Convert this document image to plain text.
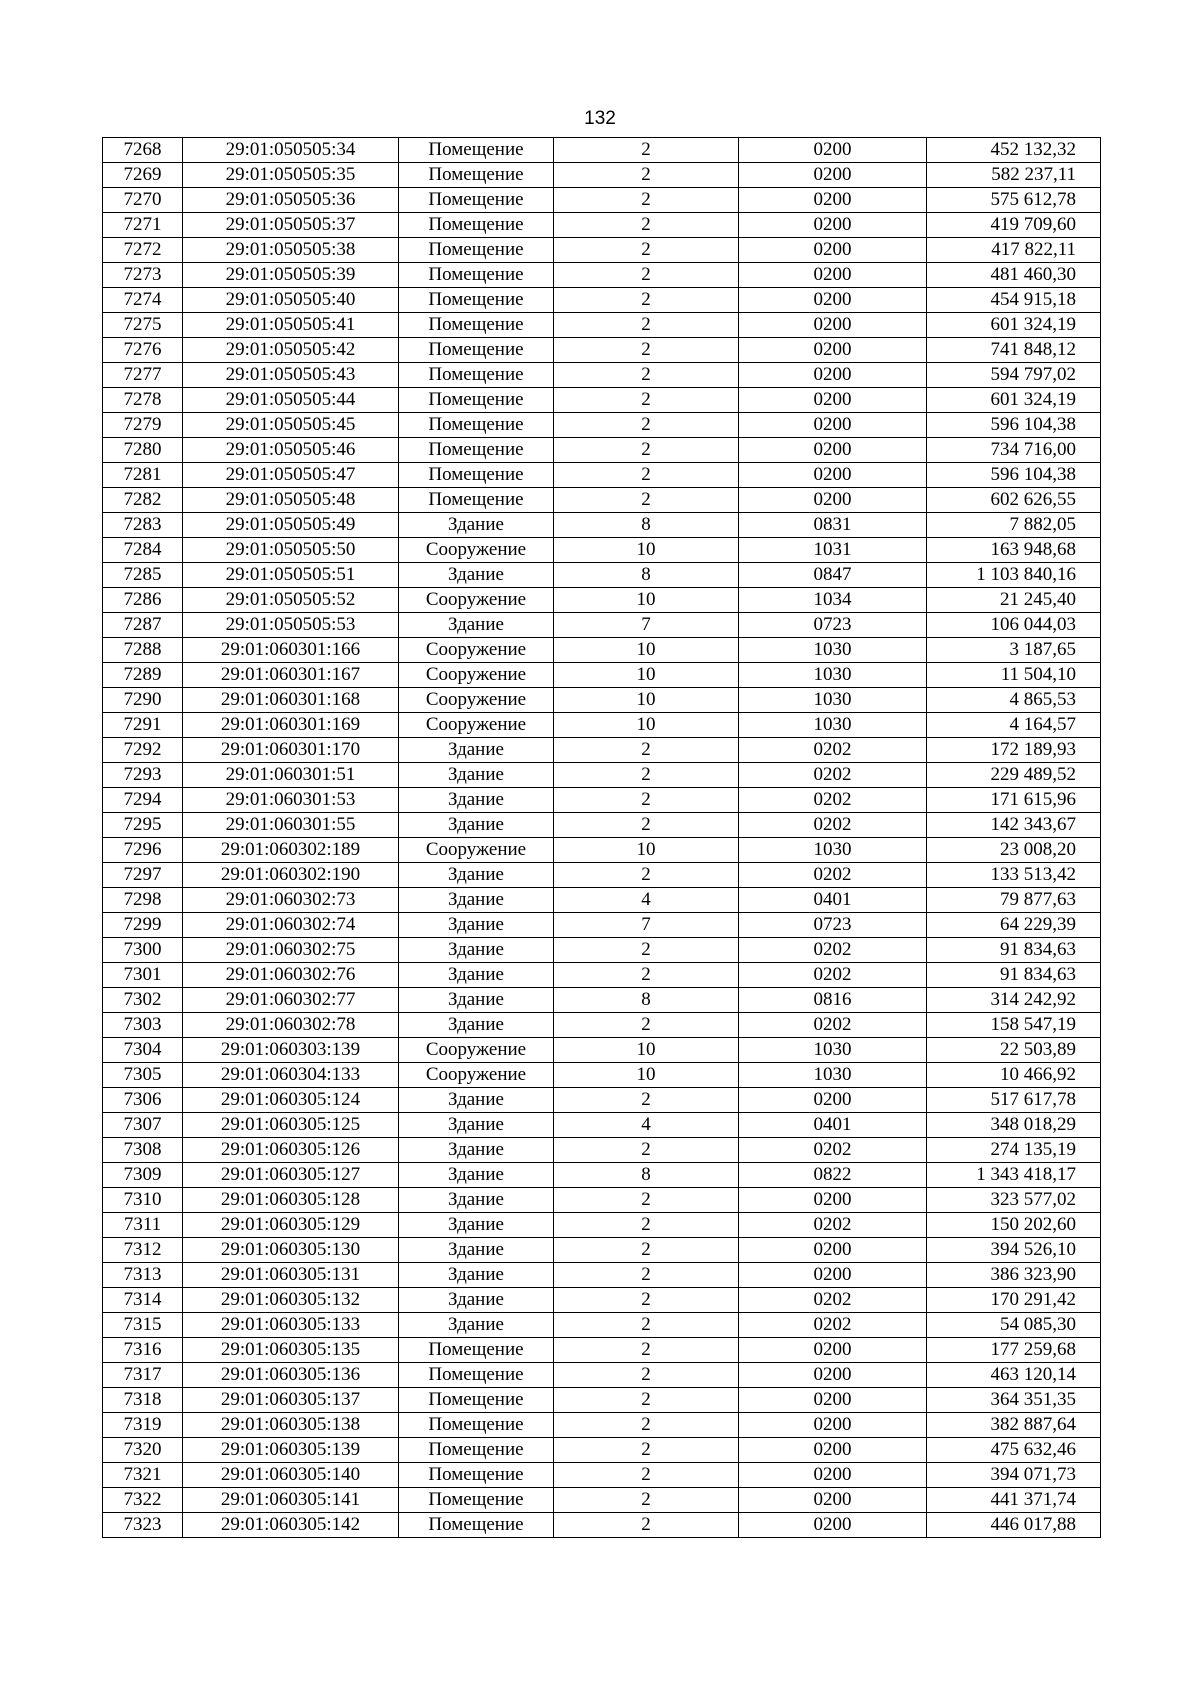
132
7268	29:01:050505:34	Помещение	2	0200	452 132,32
7269	29:01:050505:35	Помещение	2	0200	582 237,11
7270	29:01:050505:36	Помещение	2	0200	575 612,78
7271	29:01:050505:37	Помещение	2	0200	419 709,60
7272	29:01:050505:38	Помещение	2	0200	417 822,11
7273	29:01:050505:39	Помещение	2	0200	481 460,30
7274	29:01:050505:40	Помещение	2	0200	454 915,18
7275	29:01:050505:41	Помещение	2	0200	601 324,19
7276	29:01:050505:42	Помещение	2	0200	741 848,12
7277	29:01:050505:43	Помещение	2	0200	594 797,02
7278	29:01:050505:44	Помещение	2	0200	601 324,19
7279	29:01:050505:45	Помещение	2	0200	596 104,38
7280	29:01:050505:46	Помещение	2	0200	734 716,00
7281	29:01:050505:47	Помещение	2	0200	596 104,38
7282	29:01:050505:48	Помещение	2	0200	602 626,55
7283	29:01:050505:49	Здание	8	0831	7 882,05
7284	29:01:050505:50	Сооружение	10	1031	163 948,68
7285	29:01:050505:51	Здание	8	0847	1 103 840,16
7286	29:01:050505:52	Сооружение	10	1034	21 245,40
7287	29:01:050505:53	Здание	7	0723	106 044,03
7288	29:01:060301:166	Сооружение	10	1030	3 187,65
7289	29:01:060301:167	Сооружение	10	1030	11 504,10
7290	29:01:060301:168	Сооружение	10	1030	4 865,53
7291	29:01:060301:169	Сооружение	10	1030	4 164,57
7292	29:01:060301:170	Здание	2	0202	172 189,93
7293	29:01:060301:51	Здание	2	0202	229 489,52
7294	29:01:060301:53	Здание	2	0202	171 615,96
7295	29:01:060301:55	Здание	2	0202	142 343,67
7296	29:01:060302:189	Сооружение	10	1030	23 008,20
7297	29:01:060302:190	Здание	2	0202	133 513,42
7298	29:01:060302:73	Здание	4	0401	79 877,63
7299	29:01:060302:74	Здание	7	0723	64 229,39
7300	29:01:060302:75	Здание	2	0202	91 834,63
7301	29:01:060302:76	Здание	2	0202	91 834,63
7302	29:01:060302:77	Здание	8	0816	314 242,92
7303	29:01:060302:78	Здание	2	0202	158 547,19
7304	29:01:060303:139	Сооружение	10	1030	22 503,89
7305	29:01:060304:133	Сооружение	10	1030	10 466,92
7306	29:01:060305:124	Здание	2	0200	517 617,78
7307	29:01:060305:125	Здание	4	0401	348 018,29
7308	29:01:060305:126	Здание	2	0202	274 135,19
7309	29:01:060305:127	Здание	8	0822	1 343 418,17
7310	29:01:060305:128	Здание	2	0200	323 577,02
7311	29:01:060305:129	Здание	2	0202	150 202,60
7312	29:01:060305:130	Здание	2	0200	394 526,10
7313	29:01:060305:131	Здание	2	0200	386 323,90
7314	29:01:060305:132	Здание	2	0202	170 291,42
7315	29:01:060305:133	Здание	2	0202	54 085,30
7316	29:01:060305:135	Помещение	2	0200	177 259,68
7317	29:01:060305:136	Помещение	2	0200	463 120,14
7318	29:01:060305:137	Помещение	2	0200	364 351,35
7319	29:01:060305:138	Помещение	2	0200	382 887,64
7320	29:01:060305:139	Помещение	2	0200	475 632,46
7321	29:01:060305:140	Помещение	2	0200	394 071,73
7322	29:01:060305:141	Помещение	2	0200	441 371,74
7323	29:01:060305:142	Помещение	2	0200	446 017,88
